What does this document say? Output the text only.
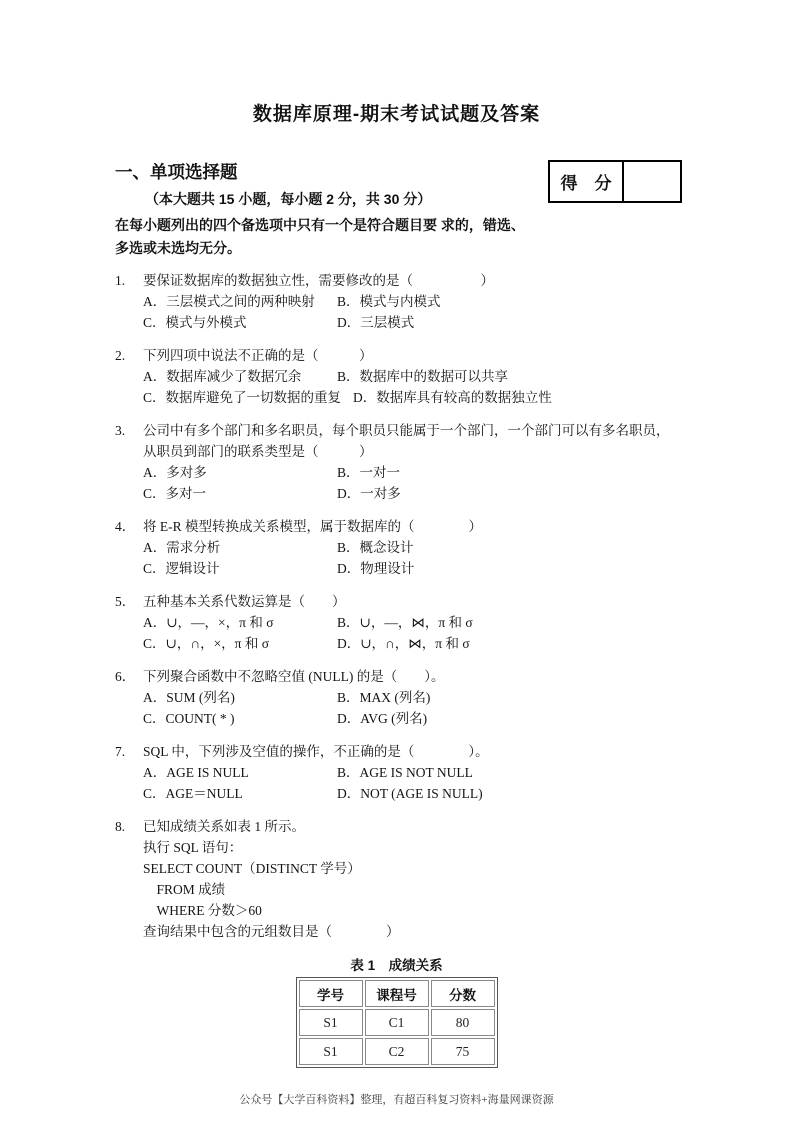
数据库原理-期末考试试题及答案
得　分
一、单项选择题
（本大题共 15 小题，每小题 2 分，共 30 分）
在每小题列出的四个备选项中只有一个是符合题目要 求的，错选、
多选或未选均无分。
1.	要保证数据库的数据独立性，需要修改的是（　　　　　）
A．三层模式之间的两种映射	B．模式与内模式
C．模式与外模式	D．三层模式
2.	下列四项中说法不正确的是（　　　）
A．数据库减少了数据冗余	B．数据库中的数据可以共享
C．数据库避免了一切数据的重复 D．数据库具有较高的数据独立性
3.	公司中有多个部门和多名职员，每个职员只能属于一个部门，一个部门可以有多名职员，
从职员到部门的联系类型是（　　　）
A．多对多	B．一对一
C．多对一	D．一对多
4． 将 E-R 模型转换成关系模型，属于数据库的（　　　　）
A．需求分析	B．概念设计
C．逻辑设计	D．物理设计
5． 五种基本关系代数运算是（　　）
A．∪，—，×，π 和 σ	B．∪，—，⋈，π 和 σ
C．∪，∩，×，π 和 σ	D．∪，∩，⋈，π 和 σ
6． 下列聚合函数中不忽略空值 (NULL) 的是（　　）。
A．SUM (列名)	B．MAX (列名)
C．COUNT( * )	D．AVG (列名)
7.	SQL 中，下列涉及空值的操作，不正确的是（　　　　）。
A．AGE IS NULL	B．AGE IS NOT NULL
C．AGE＝NULL	D．NOT (AGE IS NULL)
8.	已知成绩关系如表 1 所示。
执行 SQL 语句：
SELECT COUNT（DISTINCT 学号）
　FROM 成绩
　WHERE 分数＞60
查询结果中包含的元组数目是（　　　　）
表 1　成绩关系
学号	课程号	分数
S1	C1	80
S1	C2	75
公众号【大学百科资料】整理，有超百科复习资料+海量网课资源
